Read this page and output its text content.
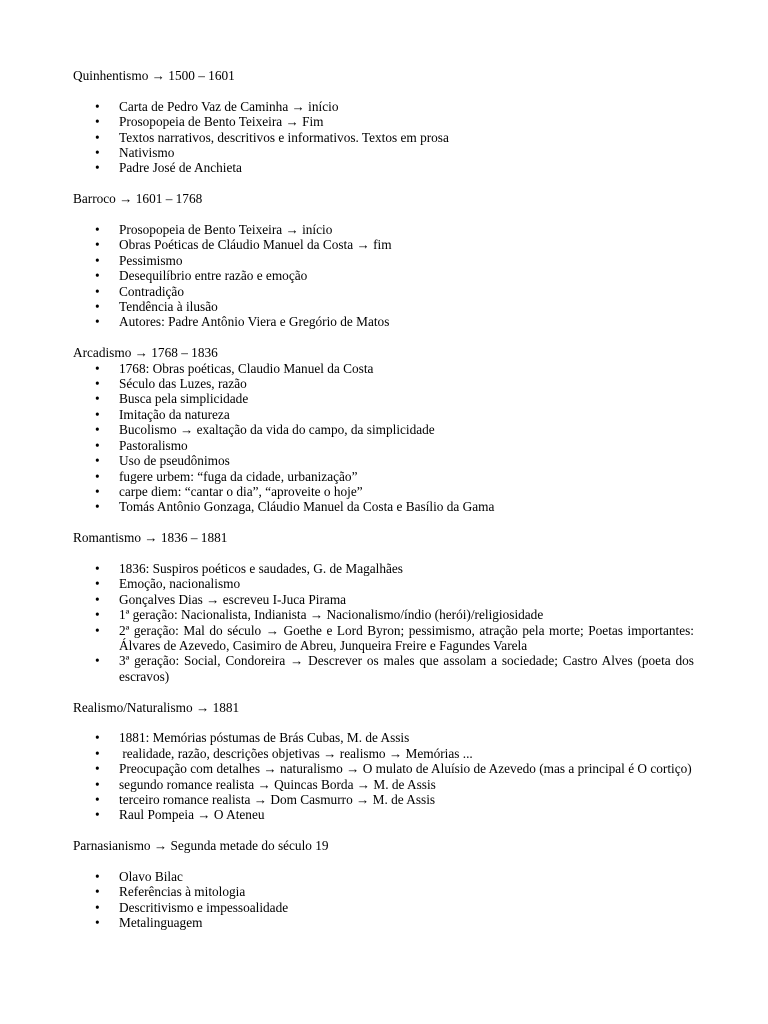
Quinhentismo → 1500 – 1601

• Carta de Pedro Vaz de Caminha → início
• Prosopopeia de Bento Teixeira → Fim
• Textos narrativos, descritivos e informativos. Textos em prosa
• Nativismo
• Padre José de Anchieta

Barroco → 1601 – 1768

• Prosopopeia de Bento Teixeira → início
• Obras Poéticas de Cláudio Manuel da Costa → fim
• Pessimismo
• Desequilíbrio entre razão e emoção
• Contradição
• Tendência à ilusão
• Autores: Padre Antônio Viera e Gregório de Matos

Arcadismo → 1768 – 1836

• 1768: Obras poéticas, Claudio Manuel da Costa
• Século das Luzes, razão
• Busca pela simplicidade
• Imitação da natureza
• Bucolismo → exaltação da vida do campo, da simplicidade
• Pastoralismo
• Uso de pseudônimos
• fugere urbem: “fuga da cidade, urbanização”
• carpe diem: “cantar o dia”, “aproveite o hoje”
• Tomás Antônio Gonzaga, Cláudio Manuel da Costa e Basílio da Gama

Romantismo → 1836 – 1881

• 1836: Suspiros poéticos e saudades, G. de Magalhães
• Emoção, nacionalismo
• Gonçalves Dias → escreveu I-Juca Pirama
• 1ª geração: Nacionalista, Indianista → Nacionalismo/índio (herói)/religiosidade
• 2ª geração: Mal do século → Goethe e Lord Byron; pessimismo, atração pela morte; Poetas importantes: Álvares de Azevedo, Casimiro de Abreu, Junqueira Freire e Fagundes Varela
• 3ª geração: Social, Condoreira → Descrever os males que assolam a sociedade; Castro Alves (poeta dos escravos)

Realismo/Naturalismo → 1881

• 1881: Memórias póstumas de Brás Cubas, M. de Assis
• realidade, razão, descrições objetivas → realismo → Memórias ...
• Preocupação com detalhes → naturalismo → O mulato de Aluísio de Azevedo (mas a principal é O cortiço)
• segundo romance realista → Quincas Borda → M. de Assis
• terceiro romance realista → Dom Casmurro → M. de Assis
• Raul Pompeia → O Ateneu

Parnasianismo → Segunda metade do século 19

• Olavo Bilac
• Referências à mitologia
• Descritivismo e impessoalidade
• Metalinguagem
